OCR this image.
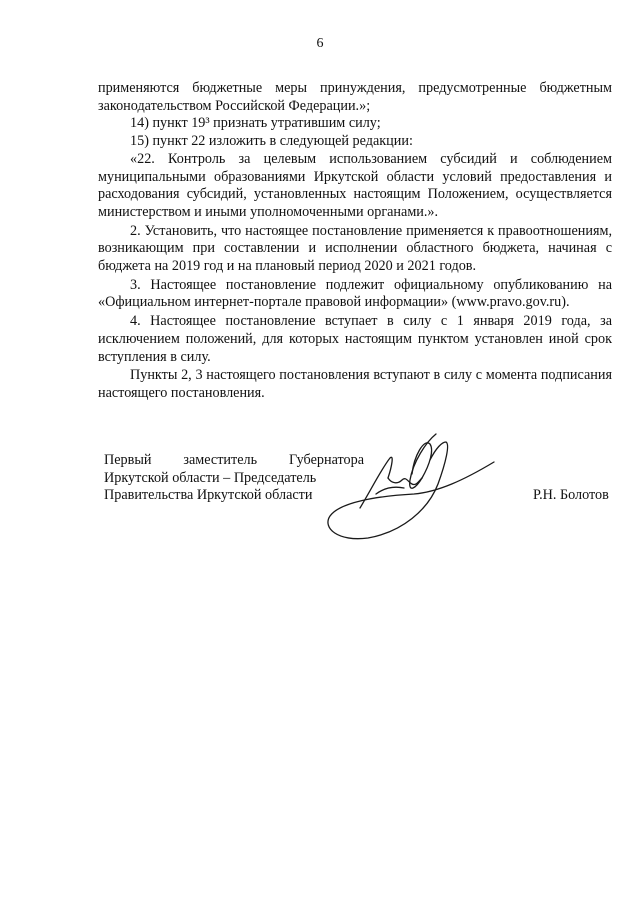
6

применяются бюджетные меры принуждения, предусмотренные бюджетным законодательством Российской Федерации.»;

14) пункт 19³ признать утратившим силу;

15) пункт 22 изложить в следующей редакции:

«22. Контроль за целевым использованием субсидий и соблюдением муниципальными образованиями Иркутской области условий предоставления и расходования субсидий, установленных настоящим Положением, осуществляется министерством и иными уполномоченными органами.».

2. Установить, что настоящее постановление применяется к правоотношениям, возникающим при составлении и исполнении областного бюджета, начиная с бюджета на 2019 год и на плановый период 2020 и 2021 годов.

3. Настоящее постановление подлежит официальному опубликованию на «Официальном интернет-портале правовой информации» (www.pravo.gov.ru).

4. Настоящее постановление вступает в силу с 1 января 2019 года, за исключением положений, для которых настоящим пунктом установлен иной срок вступления в силу.

Пункты 2, 3 настоящего постановления вступают в силу с момента подписания настоящего постановления.

Первый заместитель Губернатора
Иркутской области – Председатель
Правительства Иркутской области	Р.Н. Болотов
